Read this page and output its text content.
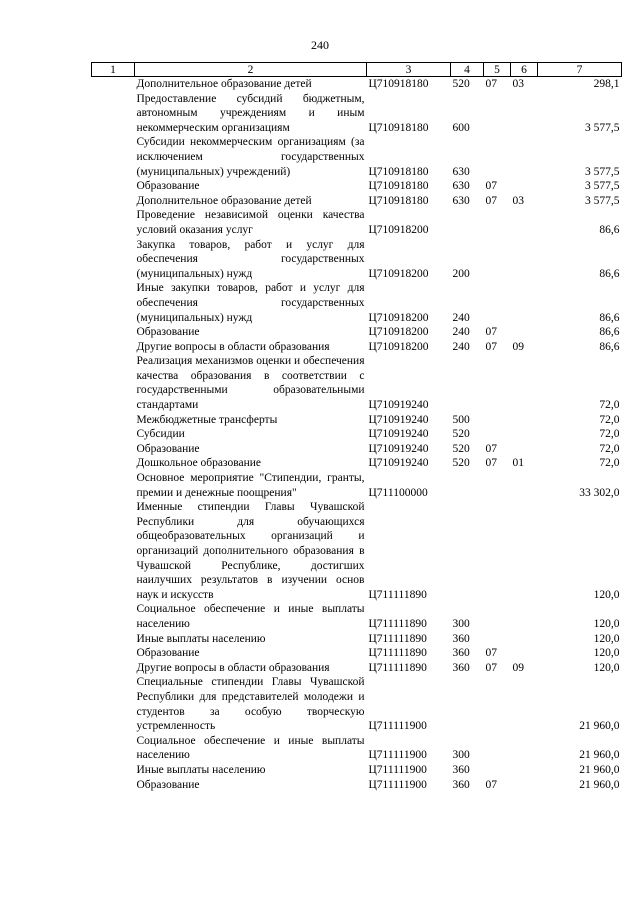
240
1	2	3	4	5	6	7
	Дополнительное образование детей	Ц710918180	520	07	03	298,1
	Предоставление субсидий бюджетным, автономным учреждениям и иным некоммерческим организациям	Ц710918180	600			3 577,5
	Субсидии некоммерческим организациям (за исключением государственных (муниципальных) учреждений)	Ц710918180	630			3 577,5
	Образование	Ц710918180	630	07		3 577,5
	Дополнительное образование детей	Ц710918180	630	07	03	3 577,5
	Проведение независимой оценки качества условий оказания услуг	Ц710918200				86,6
	Закупка товаров, работ и услуг для обеспечения государственных (муниципальных) нужд	Ц710918200	200			86,6
	Иные закупки товаров, работ и услуг для обеспечения государственных (муниципальных) нужд	Ц710918200	240			86,6
	Образование	Ц710918200	240	07		86,6
	Другие вопросы в области образования	Ц710918200	240	07	09	86,6
	Реализация механизмов оценки и обеспечения качества образования в соответствии с государственными образовательными стандартами	Ц710919240				72,0
	Межбюджетные трансферты	Ц710919240	500			72,0
	Субсидии	Ц710919240	520			72,0
	Образование	Ц710919240	520	07		72,0
	Дошкольное образование	Ц710919240	520	07	01	72,0
	Основное мероприятие "Стипендии, гранты, премии и денежные поощрения"	Ц711100000				33 302,0
	Именные стипендии Главы Чувашской Республики для обучающихся общеобразовательных организаций и организаций дополнительного образования в Чувашской Республике, достигших наилучших результатов в изучении основ наук и искусств	Ц711111890				120,0
	Социальное обеспечение и иные выплаты населению	Ц711111890	300			120,0
	Иные выплаты населению	Ц711111890	360			120,0
	Образование	Ц711111890	360	07		120,0
	Другие вопросы в области образования	Ц711111890	360	07	09	120,0
	Специальные стипендии Главы Чувашской Республики для представителей молодежи и студентов за особую творческую устремленность	Ц711111900				21 960,0
	Социальное обеспечение и иные выплаты населению	Ц711111900	300			21 960,0
	Иные выплаты населению	Ц711111900	360			21 960,0
	Образование	Ц711111900	360	07		21 960,0
